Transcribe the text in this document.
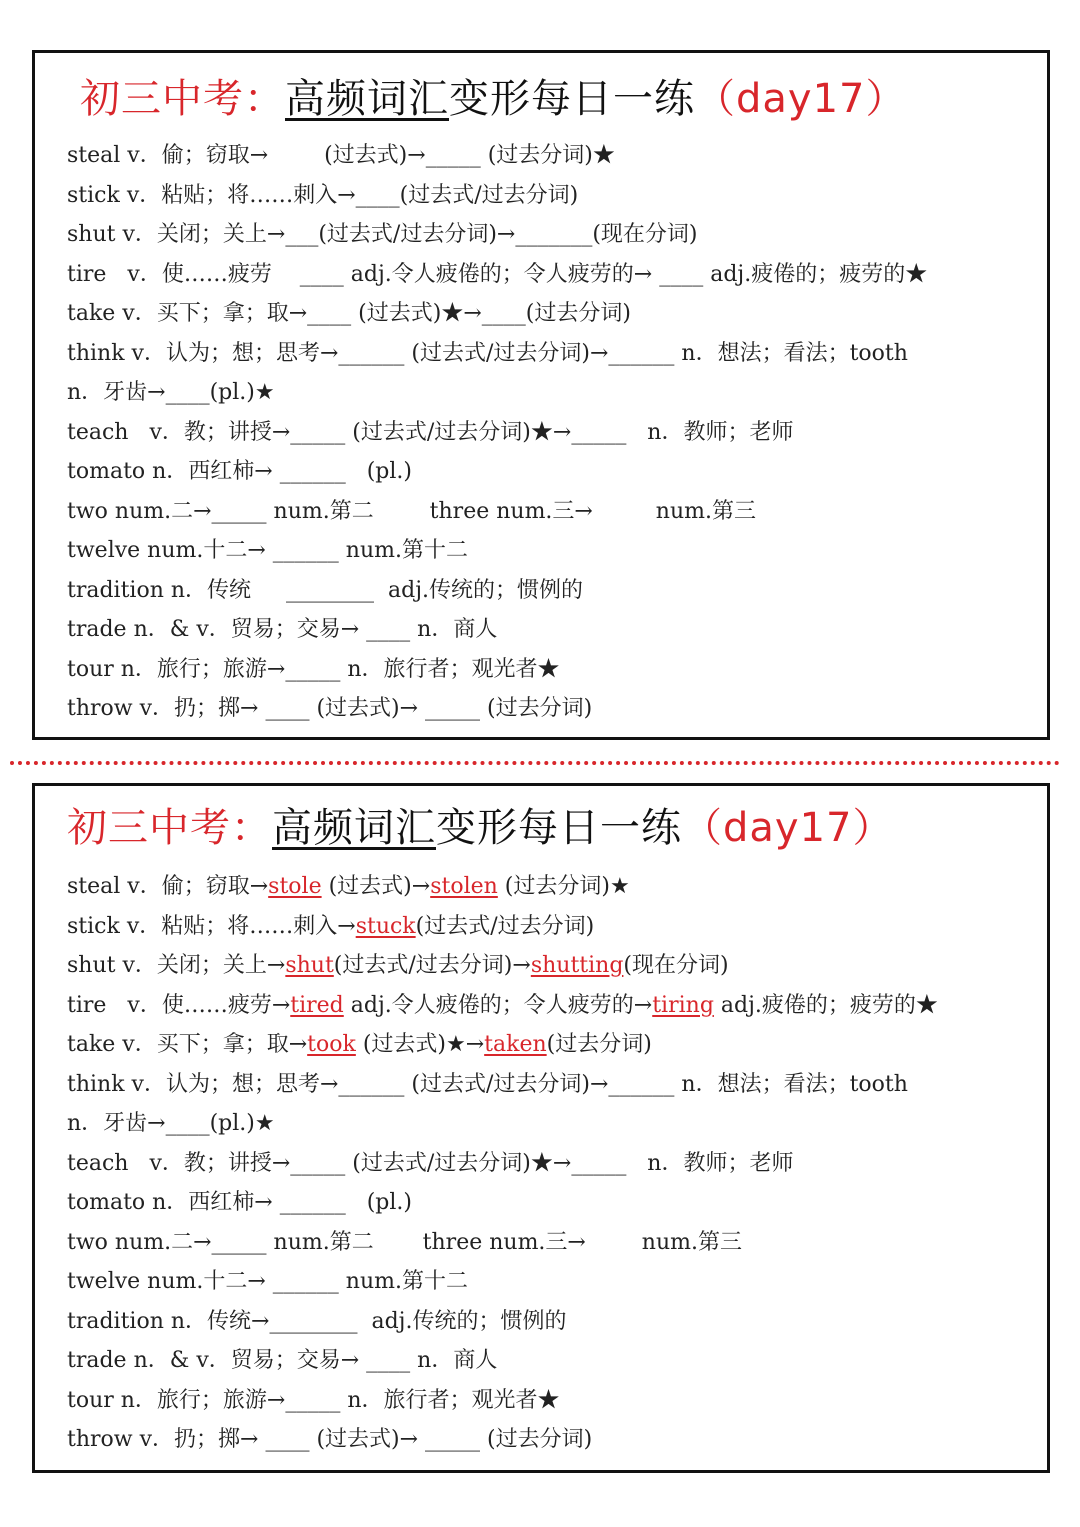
初三中考：高频词汇变形每日一练（day17）
steal v．偷；窃取→        (过去式)→_____ (过去分词)★
stick v．粘贴；将……刺入→____(过去式/过去分词)
shut v．关闭；关上→___(过去式/过去分词)→_______(现在分词)
tire   v．使……疲劳    ____ adj.令人疲倦的；令人疲劳的→ ____ adj.疲倦的；疲劳的★
take v．买下；拿；取→____ (过去式)★→____(过去分词)
think v．认为；想；思考→______ (过去式/过去分词)→______ n．想法；看法；tooth
n．牙齿→____(pl.)★
teach   v．教；讲授→_____ (过去式/过去分词)★→_____   n．教师；老师
tomato n．西红柿→ ______   (pl.)
two num.二→_____ num.第二        three num.三→         num.第三
twelve num.十二→ ______ num.第十二
tradition n．传统     ________  adj.传统的；惯例的
trade n．& v．贸易；交易→ ____ n．商人
tour n．旅行；旅游→_____ n．旅行者；观光者★
throw v．扔；掷→ ____ (过去式)→ _____ (过去分词)
初三中考：高频词汇变形每日一练（day17）
steal v．偷；窃取→stole (过去式)→stolen (过去分词)★
stick v．粘贴；将……刺入→stuck(过去式/过去分词)
shut v．关闭；关上→shut(过去式/过去分词)→shutting(现在分词)
tire   v．使……疲劳→tired adj.令人疲倦的；令人疲劳的→tiring adj.疲倦的；疲劳的★
take v．买下；拿；取→took (过去式)★→taken(过去分词)
think v．认为；想；思考→______ (过去式/过去分词)→______ n．想法；看法；tooth
n．牙齿→____(pl.)★
teach   v．教；讲授→_____ (过去式/过去分词)★→_____   n．教师；老师
tomato n．西红柿→ ______   (pl.)
two num.二→_____ num.第二       three num.三→        num.第三
twelve num.十二→ ______ num.第十二
tradition n．传统→________  adj.传统的；惯例的
trade n．& v．贸易；交易→ ____ n．商人
tour n．旅行；旅游→_____ n．旅行者；观光者★
throw v．扔；掷→ ____ (过去式)→ _____ (过去分词)
